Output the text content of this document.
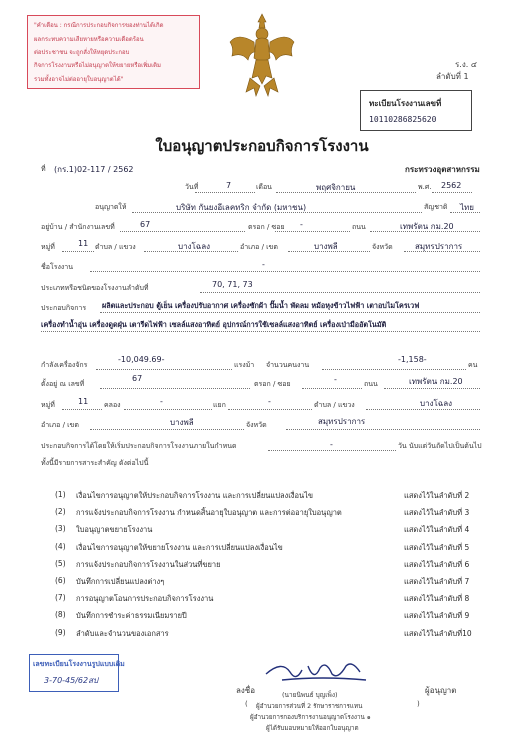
"คำเตือน : กรณีการประกอบกิจการของท่านได้เกิด
ผลกระทบความเสียหายหรือความเดือดร้อน
ต่อประชาชน จะถูกสั่งให้หยุดประกอบ
กิจการโรงงานหรือไม่อนุญาตให้ขยายหรือเพิ่มเติม
รวมทั้งอาจไม่ต่ออายุใบอนุญาตได้"
ร.ง. ๔
ลำดับที่ 1
ทะเบียนโรงงานเลขที่
10110286825620
ใบอนุญาตประกอบกิจการโรงงาน
ที่ (กร.1)02-117 / 2562	กระทรวงอุตสาหกรรม
วันที่	7	เดือน	พฤศจิกายน	พ.ศ. 2562
อนุญาตให้	บริษัท กันยงอีเลคทริก จำกัด (มหาชน)	สัญชาติ ไทย
อยู่บ้าน / สำนักงานเลขที่	67	ตรอก / ซอย -	ถนน	เทพรัตน กม.20
หมู่ที่	11 ตำบล / แขวง	บางโฉลง	อำเภอ / เขต	บางพลี	จังหวัด	สมุทรปราการ
ชื่อโรงงาน	-
ประเภทหรือชนิดของโรงงานลำดับที่	70, 71, 73
ประกอบกิจการ ผลิตและประกอบ ตู้เย็น เครื่องปรับอากาศ เครื่องซักผ้า ปั๊มน้ำ พัดลม หม้อหุงข้าวไฟฟ้า เตาอบไมโครเวฟ
เครื่องทำน้ำอุ่น เครื่องดูดฝุ่น เตารีดไฟฟ้า เซลล์แสงอาทิตย์ อุปกรณ์การใช้เซลล์แสงอาทิตย์ เครื่องเป่ามืออัตโนมัติ
กำลังเครื่องจักร
-10,049.69-
แรงม้า จำนวนคนงาน
-1,158-
คน
ตั้งอยู่ ณ เลขที่
67
ตรอก / ซอย	-	ถนน	เทพรัตน กม.20
หมู่ที่	11 คลอง	-	แยก	-	ตำบล / แขวง	บางโฉลง
อำเภอ / เขต	บางพลี	จังหวัด	สมุทรปราการ
ประกอบกิจการได้โดยให้เริ่มประกอบกิจการโรงงานภายในกำหนด	-	วัน นับแต่วันถัดไปเป็นต้นไป
ทั้งนี้มีรายการสาระสำคัญ ดังต่อไปนี้
(1) เงื่อนไขการอนุญาตให้ประกอบกิจการโรงงาน และการเปลี่ยนแปลงเงื่อนไข	แสดงไว้ในลำดับที่ 2
(2) การแจ้งประกอบกิจการโรงงาน กำหนดสิ้นอายุใบอนุญาต และการต่ออายุใบอนุญาต	แสดงไว้ในลำดับที่ 3
(3) ใบอนุญาตขยายโรงงาน	แสดงไว้ในลำดับที่ 4
(4) เงื่อนไขการอนุญาตให้ขยายโรงงาน และการเปลี่ยนแปลงเงื่อนไข	แสดงไว้ในลำดับที่ 5
(5) การแจ้งประกอบกิจการโรงงานในส่วนที่ขยาย	แสดงไว้ในลำดับที่ 6
(6) บันทึกการเปลี่ยนแปลงต่างๆ	แสดงไว้ในลำดับที่ 7
(7) การอนุญาตโอนการประกอบกิจการโรงงาน	แสดงไว้ในลำดับที่ 8
(8) บันทึกการชำระค่าธรรมเนียมรายปี	แสดงไว้ในลำดับที่ 9
(9) ลำดับและจำนวนของเอกสาร	แสดงไว้ในลำดับที่10
เลขทะเบียนโรงงานรูปแบบเดิม
3-70-45/62สป
ลงชื่อ	ผู้อนุญาต
(	)
(นายนิพนธ์ บุญเพ็ง)
ผู้อำนวยการส่วนที่ 2 รักษาราชการแทน
ผู้อำนวยการกองบริการงานอนุญาตโรงงาน ๑
ผู้ได้รับมอบหมายให้ออกใบอนุญาต
